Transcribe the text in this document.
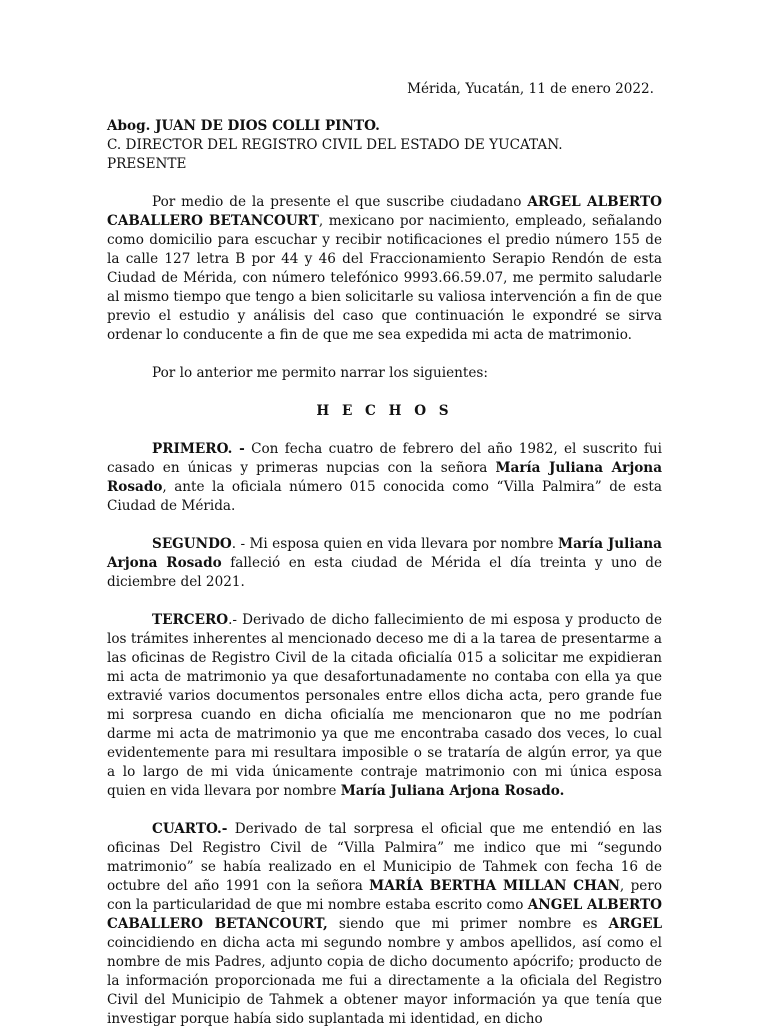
Mérida, Yucatán, 11 de enero 2022.
Abog. JUAN DE DIOS COLLI PINTO.
C. DIRECTOR DEL REGISTRO CIVIL DEL ESTADO DE YUCATAN.
PRESENTE

Por medio de la presente el que suscribe ciudadano ARGEL ALBERTO CABALLERO BETANCOURT, mexicano por nacimiento, empleado, señalando como domicilio para escuchar y recibir notificaciones el predio número 155 de la calle 127 letra B por 44 y 46 del Fraccionamiento Serapio Rendón de esta Ciudad de Mérida, con número telefónico 9993.66.59.07, me permito saludarle al mismo tiempo que tengo a bien solicitarle su valiosa intervención a fin de que previo el estudio y análisis del caso que continuación le expondré se sirva ordenar lo conducente a fin de que me sea expedida mi acta de matrimonio.

Por lo anterior me permito narrar los siguientes:

H E C H O S

PRIMERO. - Con fecha cuatro de febrero del año 1982, el suscrito fui casado en únicas y primeras nupcias con la señora María Juliana Arjona Rosado, ante la oficiala número 015 conocida como “Villa Palmira” de esta Ciudad de Mérida.

SEGUNDO. - Mi esposa quien en vida llevara por nombre María Juliana Arjona Rosado falleció en esta ciudad de Mérida el día treinta y uno de diciembre del 2021.

TERCERO.- Derivado de dicho fallecimiento de mi esposa y producto de los trámites inherentes al mencionado deceso me di a la tarea de presentarme a las oficinas de Registro Civil de la citada oficialía 015 a solicitar me expidieran mi acta de matrimonio ya que desafortunadamente no contaba con ella ya que extravié varios documentos personales entre ellos dicha acta, pero grande fue mi sorpresa cuando en dicha oficialía me mencionaron que no me podrían darme mi acta de matrimonio ya que me encontraba casado dos veces, lo cual evidentemente para mi resultara imposible o se trataría de algún error, ya que a lo largo de mi vida únicamente contraje matrimonio con mi única esposa quien en vida llevara por nombre María Juliana Arjona Rosado.

CUARTO.- Derivado de tal sorpresa el oficial que me entendió en las oficinas Del Registro Civil de “Villa Palmira” me indico que mi “segundo matrimonio” se había realizado en el Municipio de Tahmek con fecha 16 de octubre del año 1991 con la señora MARÍA BERTHA MILLAN CHAN, pero con la particularidad de que mi nombre estaba escrito como ANGEL ALBERTO CABALLERO BETANCOURT, siendo que mi primer nombre es ARGEL coincidiendo en dicha acta mi segundo nombre y ambos apellidos, así como el nombre de mis Padres, adjunto copia de dicho documento apócrifo; producto de la información proporcionada me fui a directamente a la oficiala del Registro Civil del Municipio de Tahmek a obtener mayor información ya que tenía que investigar porque había sido suplantada mi identidad, en dicho
